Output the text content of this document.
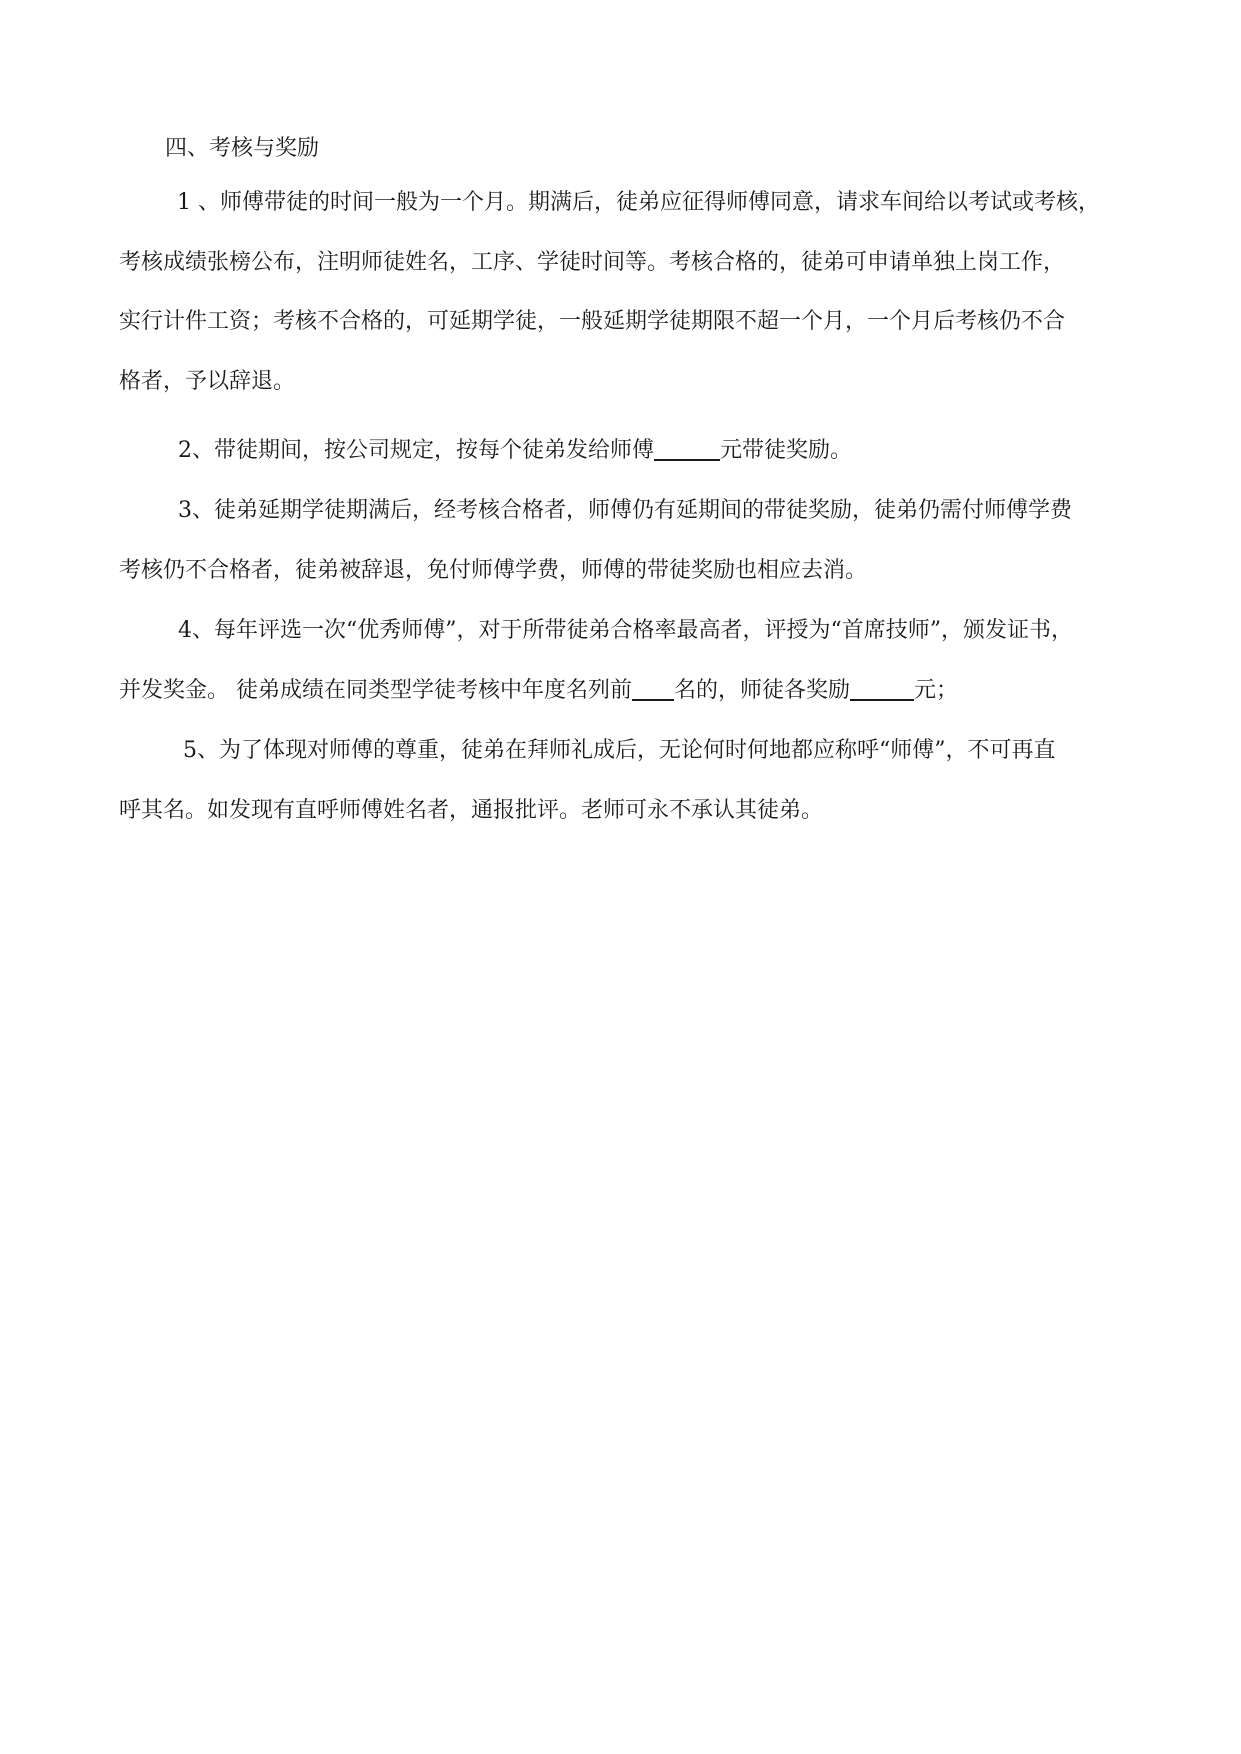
四、考核与奖励

1 、师傅带徒的时间一般为一个月。期满后，徒弟应征得师傅同意，请求车间给以考试或考核，
考核成绩张榜公布，注明师徒姓名，工序、学徒时间等。考核合格的，徒弟可申请单独上岗工作，
实行计件工资；考核不合格的，可延期学徒，一般延期学徒期限不超一个月，一个月后考核仍不合
格者，予以辞退。

2、带徒期间，按公司规定，按每个徒弟发给师傅	元带徒奖励。

3、徒弟延期学徒期满后，经考核合格者，师傅仍有延期间的带徒奖励，徒弟仍需付师傅学费
考核仍不合格者，徒弟被辞退，免付师傅学费，师傅的带徒奖励也相应去消。

4、每年评选一次“优秀师傅”，对于所带徒弟合格率最高者，评授为“首席技师”，颁发证书，
并发奖金。 徒弟成绩在同类型学徒考核中年度名列前 名的，师徒各奖励	元；

5、为了体现对师傅的尊重，徒弟在拜师礼成后，无论何时何地都应称呼“师傅”，不可再直
呼其名。如发现有直呼师傅姓名者，通报批评。老师可永不承认其徒弟。
